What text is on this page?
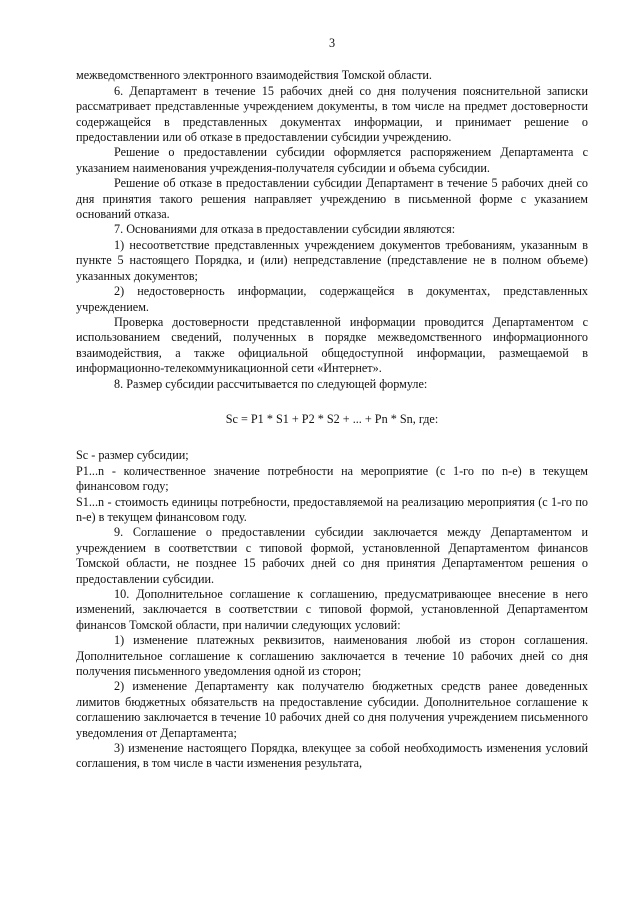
3

межведомственного электронного взаимодействия Томской области.

6. Департамент в течение 15 рабочих дней со дня получения пояснительной записки рассматривает представленные учреждением документы, в том числе на предмет достоверности содержащейся в представленных документах информации, и принимает решение о предоставлении или об отказе в предоставлении субсидии учреждению.

Решение о предоставлении субсидии оформляется распоряжением Департамента с указанием наименования учреждения-получателя субсидии и объема субсидии.

Решение об отказе в предоставлении субсидии Департамент в течение 5 рабочих дней со дня принятия такого решения направляет учреждению в письменной форме с указанием оснований отказа.

7. Основаниями для отказа в предоставлении субсидии являются:

1) несоответствие представленных учреждением документов требованиям, указанным в пункте 5 настоящего Порядка, и (или) непредставление (представление не в полном объеме) указанных документов;

2) недостоверность информации, содержащейся в документах, представленных учреждением.

Проверка достоверности представленной информации проводится Департаментом с использованием сведений, полученных в порядке межведомственного информационного взаимодействия, а также официальной общедоступной информации, размещаемой в информационно-телекоммуникационной сети «Интернет».

8. Размер субсидии рассчитывается по следующей формуле:

Sc = P1 * S1 + P2 * S2 + ... + Pn * Sn, где:

Sc - размер субсидии;

P1...n - количественное значение потребности на мероприятие (с 1-го по n-е) в текущем финансовом году;

S1...n - стоимость единицы потребности, предоставляемой на реализацию мероприятия (с 1-го по n-е) в текущем финансовом году.

9. Соглашение о предоставлении субсидии заключается между Департаментом и учреждением в соответствии с типовой формой, установленной Департаментом финансов Томской области, не позднее 15 рабочих дней со дня принятия Департаментом решения о предоставлении субсидии.

10. Дополнительное соглашение к соглашению, предусматривающее внесение в него изменений, заключается в соответствии с типовой формой, установленной Департаментом финансов Томской области, при наличии следующих условий:

1) изменение платежных реквизитов, наименования любой из сторон соглашения. Дополнительное соглашение к соглашению заключается в течение 10 рабочих дней со дня получения письменного уведомления одной из сторон;

2) изменение Департаменту как получателю бюджетных средств ранее доведенных лимитов бюджетных обязательств на предоставление субсидии. Дополнительное соглашение к соглашению заключается в течение 10 рабочих дней со дня получения учреждением письменного уведомления от Департамента;

3) изменение настоящего Порядка, влекущее за собой необходимость изменения условий соглашения, в том числе в части изменения результата,
